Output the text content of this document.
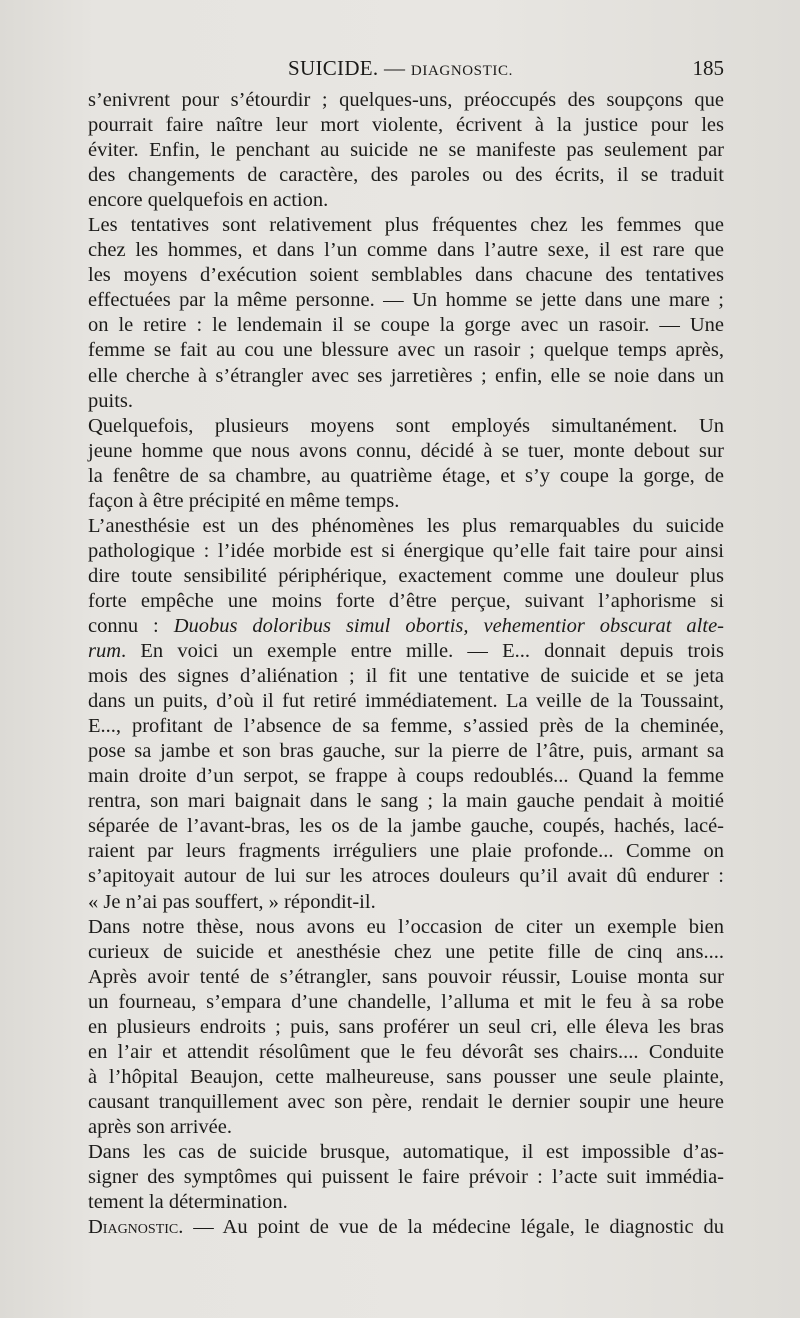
SUICIDE. — DIAGNOSTIC.	185

s’enivrent pour s’étourdir ; quelques-uns, préoccupés des soupçons que
pourrait faire naître leur mort violente, écrivent à la justice pour les
éviter. Enfin, le penchant au suicide ne se manifeste pas seulement par
des changements de caractère, des paroles ou des écrits, il se traduit
encore quelquefois en action.

Les tentatives sont relativement plus fréquentes chez les femmes que
chez les hommes, et dans l’un comme dans l’autre sexe, il est rare que
les moyens d’exécution soient semblables dans chacune des tentatives
effectuées par la même personne. — Un homme se jette dans une mare ;
on le retire : le lendemain il se coupe la gorge avec un rasoir. — Une
femme se fait au cou une blessure avec un rasoir ; quelque temps après,
elle cherche à s’étrangler avec ses jarretières ; enfin, elle se noie dans un
puits.

Quelquefois, plusieurs moyens sont employés simultanément. Un
jeune homme que nous avons connu, décidé à se tuer, monte debout sur
la fenêtre de sa chambre, au quatrième étage, et s’y coupe la gorge, de
façon à être précipité en même temps.

L’anesthésie est un des phénomènes les plus remarquables du suicide
pathologique : l’idée morbide est si énergique qu’elle fait taire pour ainsi
dire toute sensibilité périphérique, exactement comme une douleur plus
forte empêche une moins forte d’être perçue, suivant l’aphorisme si
connu : Duobus doloribus simul obortis, vehementior obscurat alte-
rum. En voici un exemple entre mille. — E... donnait depuis trois
mois des signes d’aliénation ; il fit une tentative de suicide et se jeta
dans un puits, d’où il fut retiré immédiatement. La veille de la Toussaint,
E..., profitant de l’absence de sa femme, s’assied près de la cheminée,
pose sa jambe et son bras gauche, sur la pierre de l’âtre, puis, armant sa
main droite d’un serpot, se frappe à coups redoublés... Quand la femme
rentra, son mari baignait dans le sang ; la main gauche pendait à moitié
séparée de l’avant-bras, les os de la jambe gauche, coupés, hachés, lacé-
raient par leurs fragments irréguliers une plaie profonde... Comme on
s’apitoyait autour de lui sur les atroces douleurs qu’il avait dû endurer :
« Je n’ai pas souffert, » répondit-il.

Dans notre thèse, nous avons eu l’occasion de citer un exemple bien
curieux de suicide et anesthésie chez une petite fille de cinq ans....
Après avoir tenté de s’étrangler, sans pouvoir réussir, Louise monta sur
un fourneau, s’empara d’une chandelle, l’alluma et mit le feu à sa robe
en plusieurs endroits ; puis, sans proférer un seul cri, elle éleva les bras
en l’air et attendit résolûment que le feu dévorât ses chairs.... Conduite
à l’hôpital Beaujon, cette malheureuse, sans pousser une seule plainte,
causant tranquillement avec son père, rendait le dernier soupir une heure
après son arrivée.

Dans les cas de suicide brusque, automatique, il est impossible d’as-
signer des symptômes qui puissent le faire prévoir : l’acte suit immédia-
tement la détermination.

Diagnostic. — Au point de vue de la médecine légale, le diagnostic du
